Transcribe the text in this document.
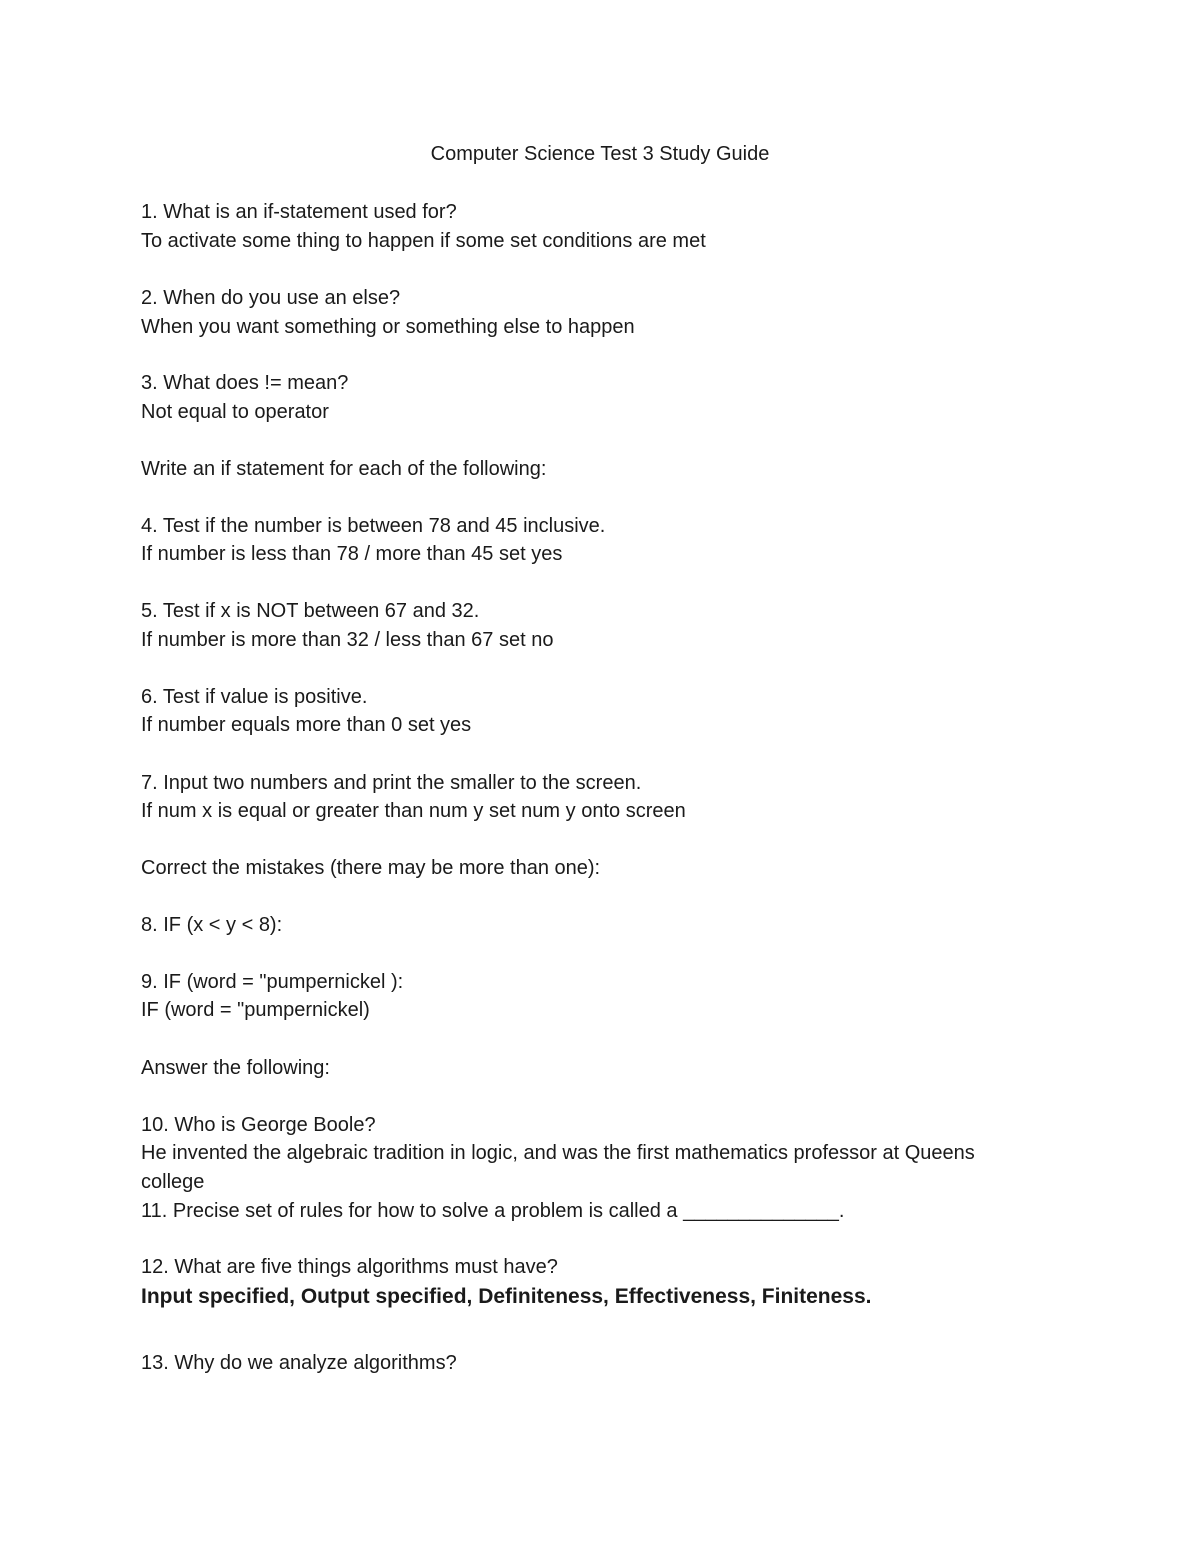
Computer Science Test 3 Study Guide
1. What is an if-statement used for?
To activate some thing to happen if some set conditions are met
2. When do you use an else?
When you want something or something else to happen
3. What does != mean?
Not equal to operator
Write an if statement for each of the following:
4. Test if the number is between 78 and 45 inclusive.
If number is less than 78 / more than 45 set yes
5. Test if x is NOT between 67 and 32.
If number is more than 32 / less than 67 set no
6. Test if value is positive.
If number equals more than 0 set yes
7. Input two numbers and print the smaller to the screen.
If num x is equal or greater than num y set num y onto screen
Correct the mistakes (there may be more than one):
8. IF (x < y < 8):
9. IF (word = "pumpernickel ):
IF (word = "pumpernickel)
Answer the following:
10. Who is George Boole?
He invented the algebraic tradition in logic, and was the first mathematics professor at Queens
college
11. Precise set of rules for how to solve a problem is called a ______________.
12. What are five things algorithms must have?
Input specified, Output specified, Definiteness, Effectiveness, Finiteness.
13. Why do we analyze algorithms?
